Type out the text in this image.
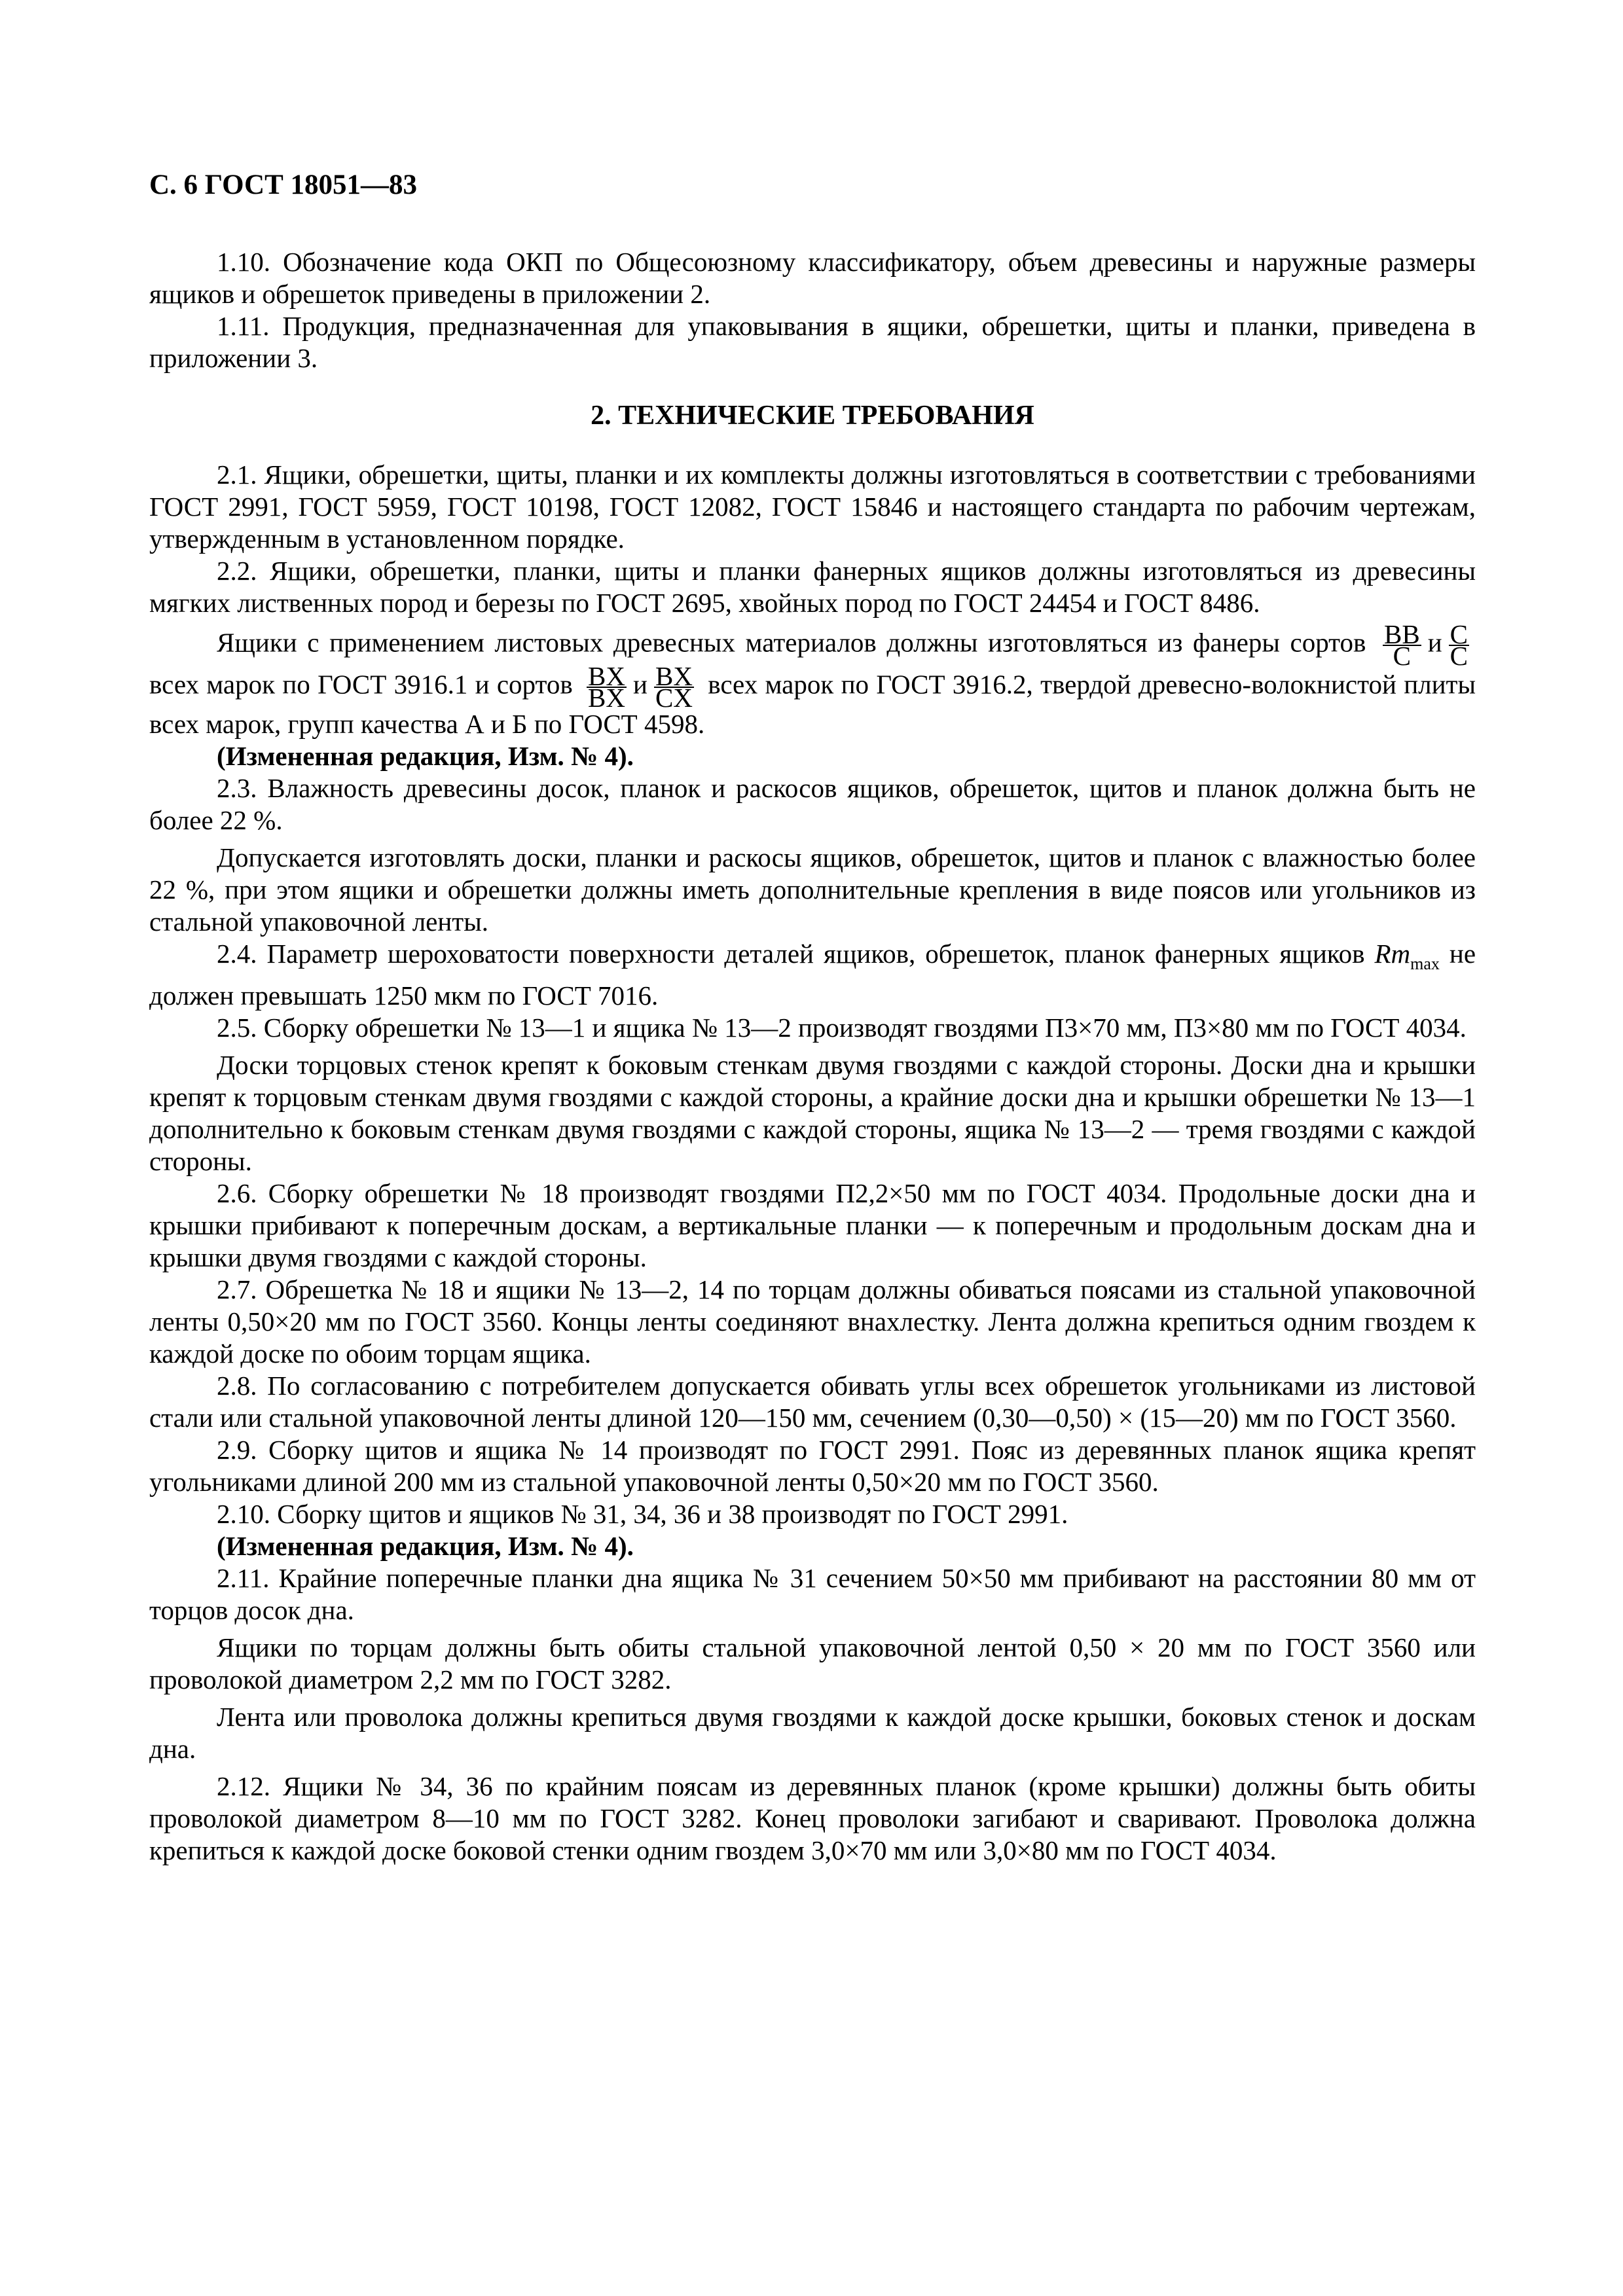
С. 6 ГОСТ 18051—83

1.10. Обозначение кода ОКП по Общесоюзному классификатору, объем древесины и наружные размеры ящиков и обрешеток приведены в приложении 2.

1.11. Продукция, предназначенная для упаковывания в ящики, обрешетки, щиты и планки, приведена в приложении 3.

2. ТЕХНИЧЕСКИЕ ТРЕБОВАНИЯ

2.1. Ящики, обрешетки, щиты, планки и их комплекты должны изготовляться в соответствии с требованиями ГОСТ 2991, ГОСТ 5959, ГОСТ 10198, ГОСТ 12082, ГОСТ 15846 и настоящего стандарта по рабочим чертежам, утвержденным в установленном порядке.

2.2. Ящики, обрешетки, планки, щиты и планки фанерных ящиков должны изготовляться из древесины мягких лиственных пород и березы по ГОСТ 2695, хвойных пород по ГОСТ 24454 и ГОСТ 8486.

Ящики с применением листовых древесных материалов должны изготовляться из фанеры сортов $\frac{BB}{C}$ и $\frac{C}{C}$
всех марок по ГОСТ 3916.1 и сортов $\frac{BX}{BX}$ и $\frac{BX}{CX}$ всех марок по ГОСТ 3916.2, твердой древесно-волокнистой плиты всех марок, групп качества А и Б по ГОСТ 4598.

(Измененная редакция, Изм. № 4).

2.3. Влажность древесины досок, планок и раскосов ящиков, обрешеток, щитов и планок должна быть не более 22 %.

Допускается изготовлять доски, планки и раскосы ящиков, обрешеток, щитов и планок с влажностью более 22 %, при этом ящики и обрешетки должны иметь дополнительные крепления в виде поясов или угольников из стальной упаковочной ленты.

2.4. Параметр шероховатости поверхности деталей ящиков, обрешеток, планок фанерных ящиков $Rm_{max}$ не должен превышать 1250 мкм по ГОСТ 7016.

2.5. Сборку обрешетки № 13—1 и ящика № 13—2 производят гвоздями П3×70 мм, П3×80 мм по ГОСТ 4034.

Доски торцовых стенок крепят к боковым стенкам двумя гвоздями с каждой стороны. Доски дна и крышки крепят к торцовым стенкам двумя гвоздями с каждой стороны, а крайние доски дна и крышки обрешетки № 13—1 дополнительно к боковым стенкам двумя гвоздями с каждой стороны, ящика № 13—2 — тремя гвоздями с каждой стороны.

2.6. Сборку обрешетки № 18 производят гвоздями П2,2×50 мм по ГОСТ 4034. Продольные доски дна и крышки прибивают к поперечным доскам, а вертикальные планки — к поперечным и продольным доскам дна и крышки двумя гвоздями с каждой стороны.

2.7. Обрешетка № 18 и ящики № 13—2, 14 по торцам должны обиваться поясами из стальной упаковочной ленты 0,50×20 мм по ГОСТ 3560. Концы ленты соединяют внахлестку. Лента должна крепиться одним гвоздем к каждой доске по обоим торцам ящика.

2.8. По согласованию с потребителем допускается обивать углы всех обрешеток угольниками из листовой стали или стальной упаковочной ленты длиной 120—150 мм, сечением (0,30—0,50) × (15—20) мм по ГОСТ 3560.

2.9. Сборку щитов и ящика № 14 производят по ГОСТ 2991. Пояс из деревянных планок ящика крепят угольниками длиной 200 мм из стальной упаковочной ленты 0,50×20 мм по ГОСТ 3560.

2.10. Сборку щитов и ящиков № 31, 34, 36 и 38 производят по ГОСТ 2991.

(Измененная редакция, Изм. № 4).

2.11. Крайние поперечные планки дна ящика № 31 сечением 50×50 мм прибивают на расстоянии 80 мм от торцов досок дна.

Ящики по торцам должны быть обиты стальной упаковочной лентой 0,50 × 20 мм по ГОСТ 3560 или проволокой диаметром 2,2 мм по ГОСТ 3282.

Лента или проволока должны крепиться двумя гвоздями к каждой доске крышки, боковых стенок и доскам дна.

2.12. Ящики № 34, 36 по крайним поясам из деревянных планок (кроме крышки) должны быть обиты проволокой диаметром 8—10 мм по ГОСТ 3282. Конец проволоки загибают и сваривают. Проволока должна крепиться к каждой доске боковой стенки одним гвоздем 3,0×70 мм или 3,0×80 мм по ГОСТ 4034.
